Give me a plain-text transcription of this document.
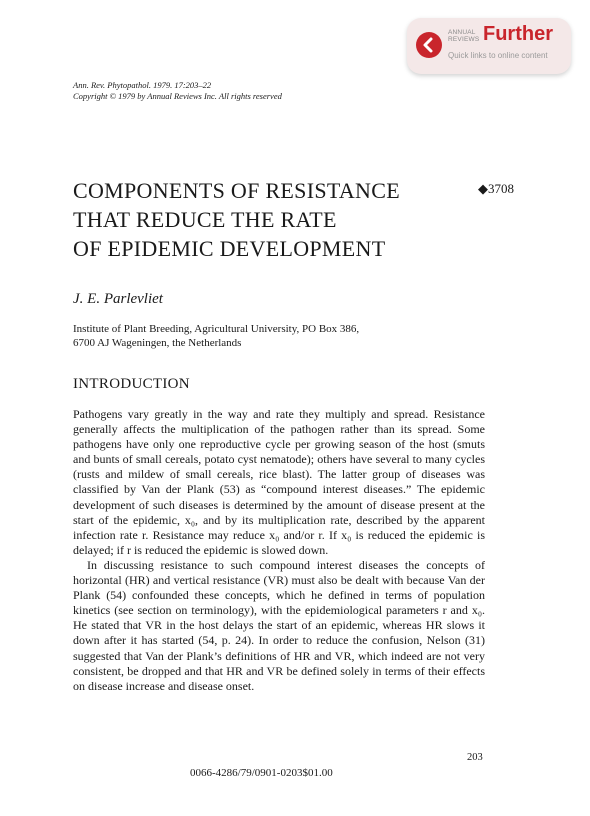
ANNUAL
REVIEWS Further
Quick links to online content
Ann. Rev. Phytopathol. 1979. 17:203–22
Copyright © 1979 by Annual Reviews Inc. All rights reserved
COMPONENTS OF RESISTANCE
THAT REDUCE THE RATE
OF EPIDEMIC DEVELOPMENT
◆3708
J. E. Parlevliet
Institute of Plant Breeding, Agricultural University, PO Box 386,
6700 AJ Wageningen, the Netherlands
INTRODUCTION

Pathogens vary greatly in the way and rate they multiply and spread. Resistance generally affects the multiplication of the pathogen rather than its spread. Some pathogens have only one reproductive cycle per growing season of the host (smuts and bunts of small cereals, potato cyst nematode); others have several to many cycles (rusts and mildew of small cereals, rice blast). The latter group of diseases was classified by Van der Plank (53) as “compound interest diseases.” The epidemic development of such diseases is determined by the amount of disease present at the start of the epidemic, x₀, and by its multiplication rate, described by the apparent infection rate r. Resistance may reduce x₀ and/or r. If x₀ is reduced the epidemic is delayed; if r is reduced the epidemic is slowed down.

In discussing resistance to such compound interest diseases the concepts of horizontal (HR) and vertical resistance (VR) must also be dealt with because Van der Plank (54) confounded these concepts, which he defined in terms of population kinetics (see section on terminology), with the epidemiological parameters r and x₀. He stated that VR in the host delays the start of an epidemic, whereas HR slows it down after it has started (54, p. 24). In order to reduce the confusion, Nelson (31) suggested that Van der Plank’s definitions of HR and VR, which indeed are not very consistent, be dropped and that HR and VR be defined solely in terms of their effects on disease increase and disease onset.

203
0066-4286/79/0901-0203$01.00
